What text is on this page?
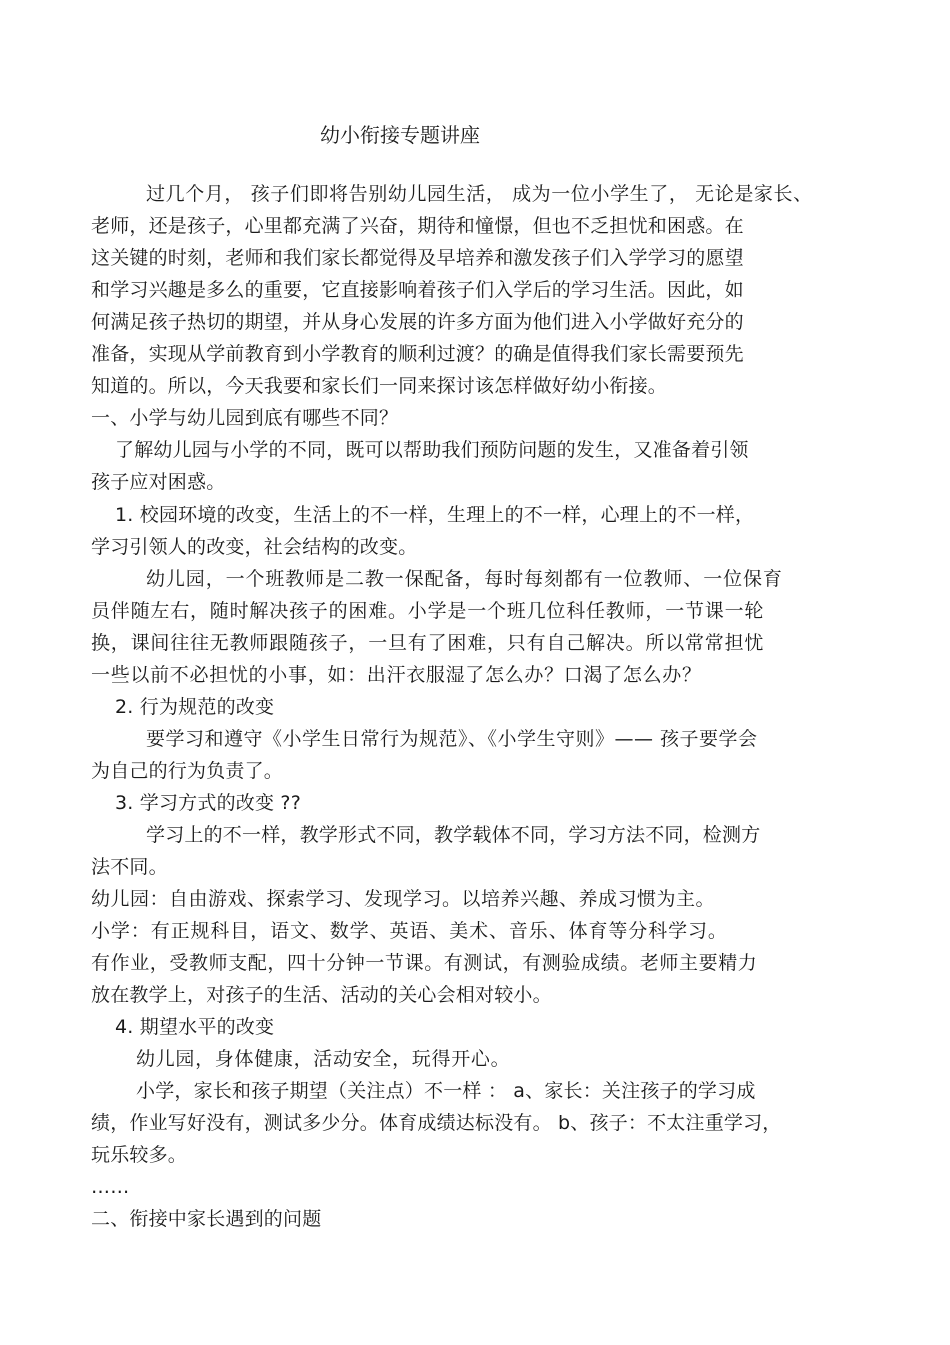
幼小衔接专题讲座
过几个月， 孩子们即将告别幼儿园生活， 成为一位小学生了， 无论是家长、
老师，还是孩子，心里都充满了兴奋，期待和憧憬，但也不乏担忧和困惑。在
这关键的时刻，老师和我们家长都觉得及早培养和激发孩子们入学学习的愿望
和学习兴趣是多么的重要，它直接影响着孩子们入学后的学习生活。因此，如
何满足孩子热切的期望，并从身心发展的许多方面为他们进入小学做好充分的
准备，实现从学前教育到小学教育的顺利过渡？的确是值得我们家长需要预先
知道的。所以，今天我要和家长们一同来探讨该怎样做好幼小衔接。
一、小学与幼儿园到底有哪些不同？
了解幼儿园与小学的不同，既可以帮助我们预防问题的发生，又准备着引领
孩子应对困惑。
1. 校园环境的改变，生活上的不一样，生理上的不一样，心理上的不一样，
学习引领人的改变，社会结构的改变。
幼儿园，一个班教师是二教一保配备，每时每刻都有一位教师、一位保育
员伴随左右，随时解决孩子的困难。小学是一个班几位科任教师，一节课一轮
换，课间往往无教师跟随孩子，一旦有了困难，只有自己解决。所以常常担忧
一些以前不必担忧的小事，如：出汗衣服湿了怎么办？口渴了怎么办？
2. 行为规范的改变
要学习和遵守《小学生日常行为规范》、《小学生守则》—— 孩子要学会
为自己的行为负责了。
3. 学习方式的改变 ??
学习上的不一样，教学形式不同，教学载体不同，学习方法不同，检测方
法不同。
幼儿园：自由游戏、探索学习、发现学习。以培养兴趣、养成习惯为主。
小学：有正规科目，语文、数学、英语、美术、音乐、体育等分科学习。
有作业，受教师支配，四十分钟一节课。有测试，有测验成绩。老师主要精力
放在教学上，对孩子的生活、活动的关心会相对较小。
4. 期望水平的改变
幼儿园，身体健康，活动安全，玩得开心。
小学，家长和孩子期望（关注点）不一样 ： a、家长：关注孩子的学习成
绩，作业写好没有，测试多少分。体育成绩达标没有。 b、孩子：不太注重学习，
玩乐较多。
……
二、衔接中家长遇到的问题
